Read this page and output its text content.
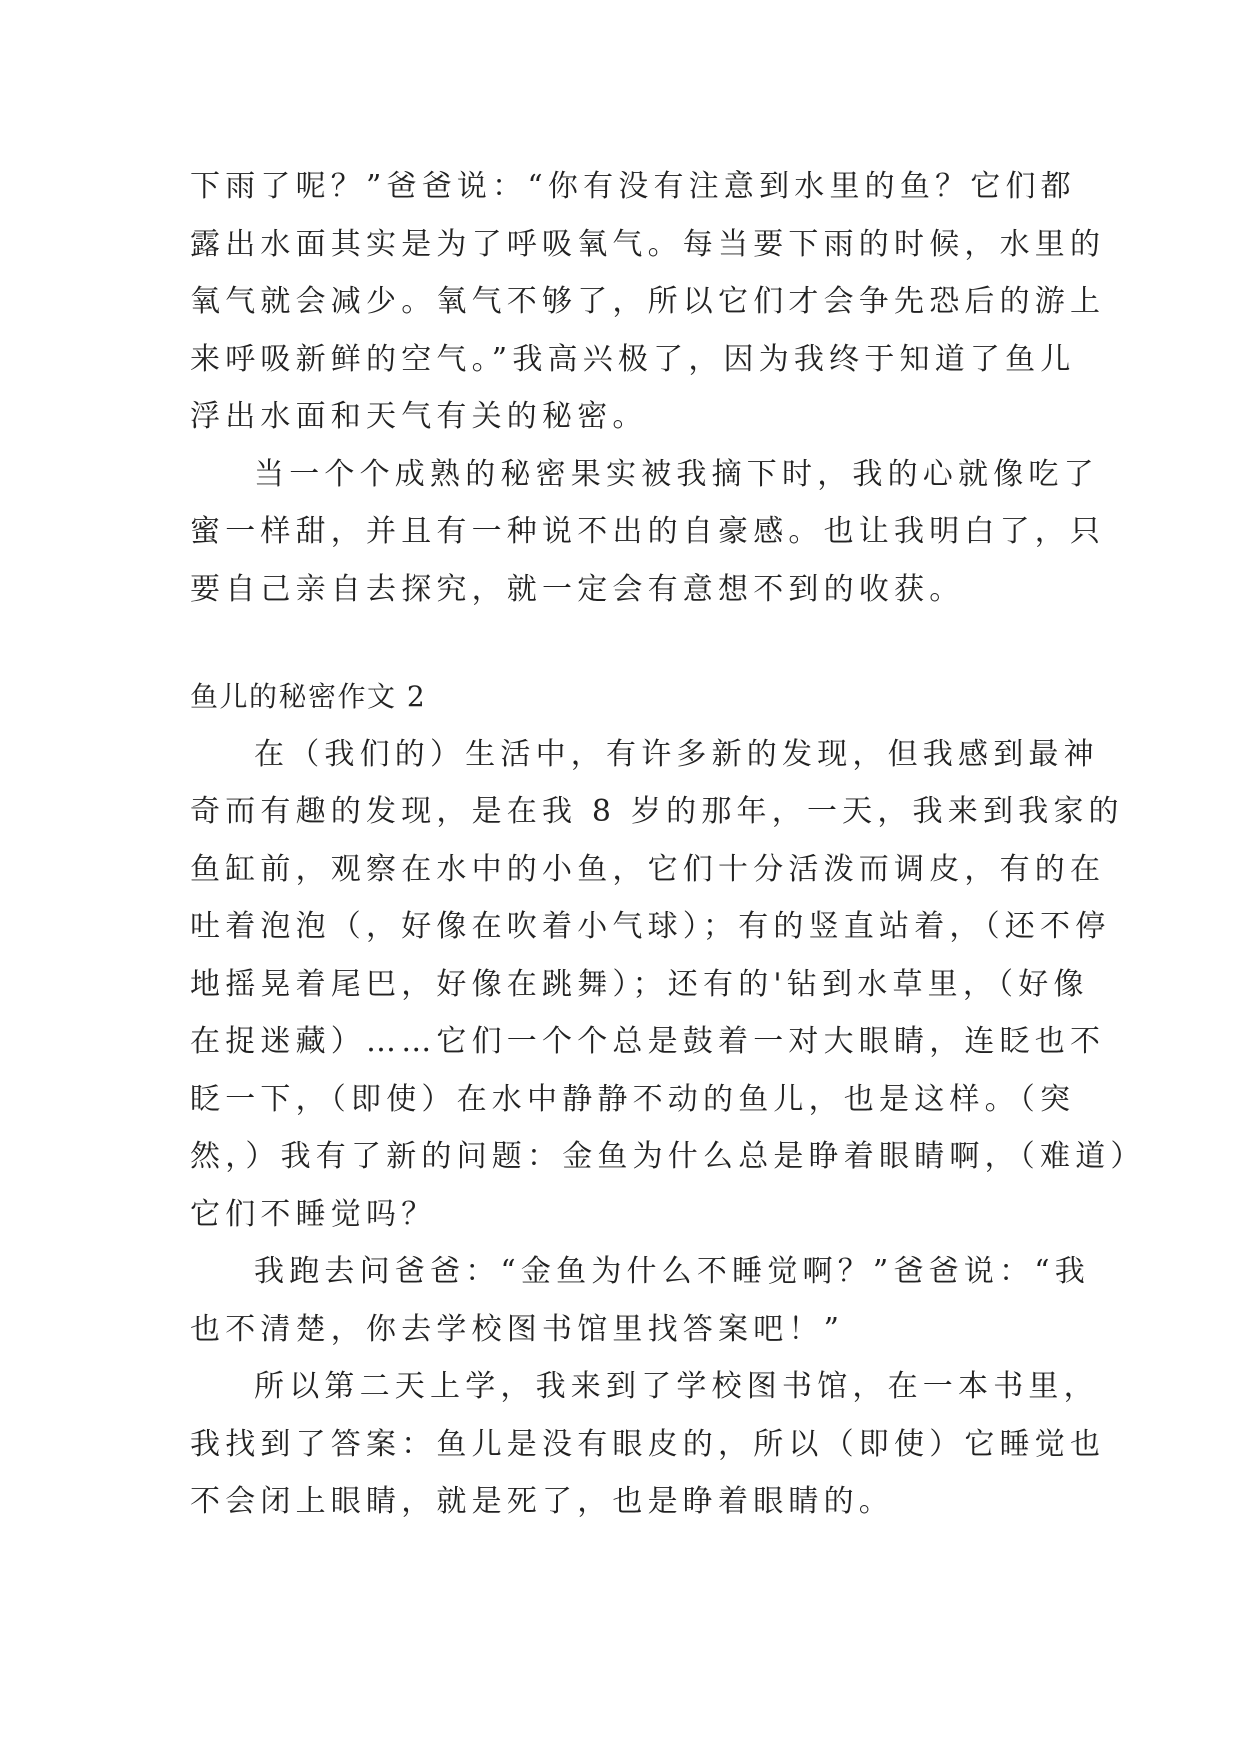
下雨了呢？”爸爸说：“你有没有注意到水里的鱼？它们都
露出水面其实是为了呼吸氧气。每当要下雨的时候，水里的
氧气就会减少。氧气不够了，所以它们才会争先恐后的游上
来呼吸新鲜的空气。”我高兴极了，因为我终于知道了鱼儿
浮出水面和天气有关的秘密。
当一个个成熟的秘密果实被我摘下时，我的心就像吃了
蜜一样甜，并且有一种说不出的自豪感。也让我明白了，只
要自己亲自去探究，就一定会有意想不到的收获。
鱼儿的秘密作文 2
在（我们的）生活中，有许多新的发现，但我感到最神
奇而有趣的发现，是在我 8 岁的那年，一天，我来到我家的
鱼缸前，观察在水中的小鱼，它们十分活泼而调皮，有的在
吐着泡泡（，好像在吹着小气球）；有的竖直站着，（还不停
地摇晃着尾巴，好像在跳舞）；还有的'钻到水草里，（好像
在捉迷藏）……它们一个个总是鼓着一对大眼睛，连眨也不
眨一下，（即使）在水中静静不动的鱼儿，也是这样。（突
然，）我有了新的问题：金鱼为什么总是睁着眼睛啊，（难道）
它们不睡觉吗？
我跑去问爸爸：“金鱼为什么不睡觉啊？”爸爸说：“我
也不清楚，你去学校图书馆里找答案吧！”
所以第二天上学，我来到了学校图书馆，在一本书里，
我找到了答案：鱼儿是没有眼皮的，所以（即使）它睡觉也
不会闭上眼睛，就是死了，也是睁着眼睛的。
